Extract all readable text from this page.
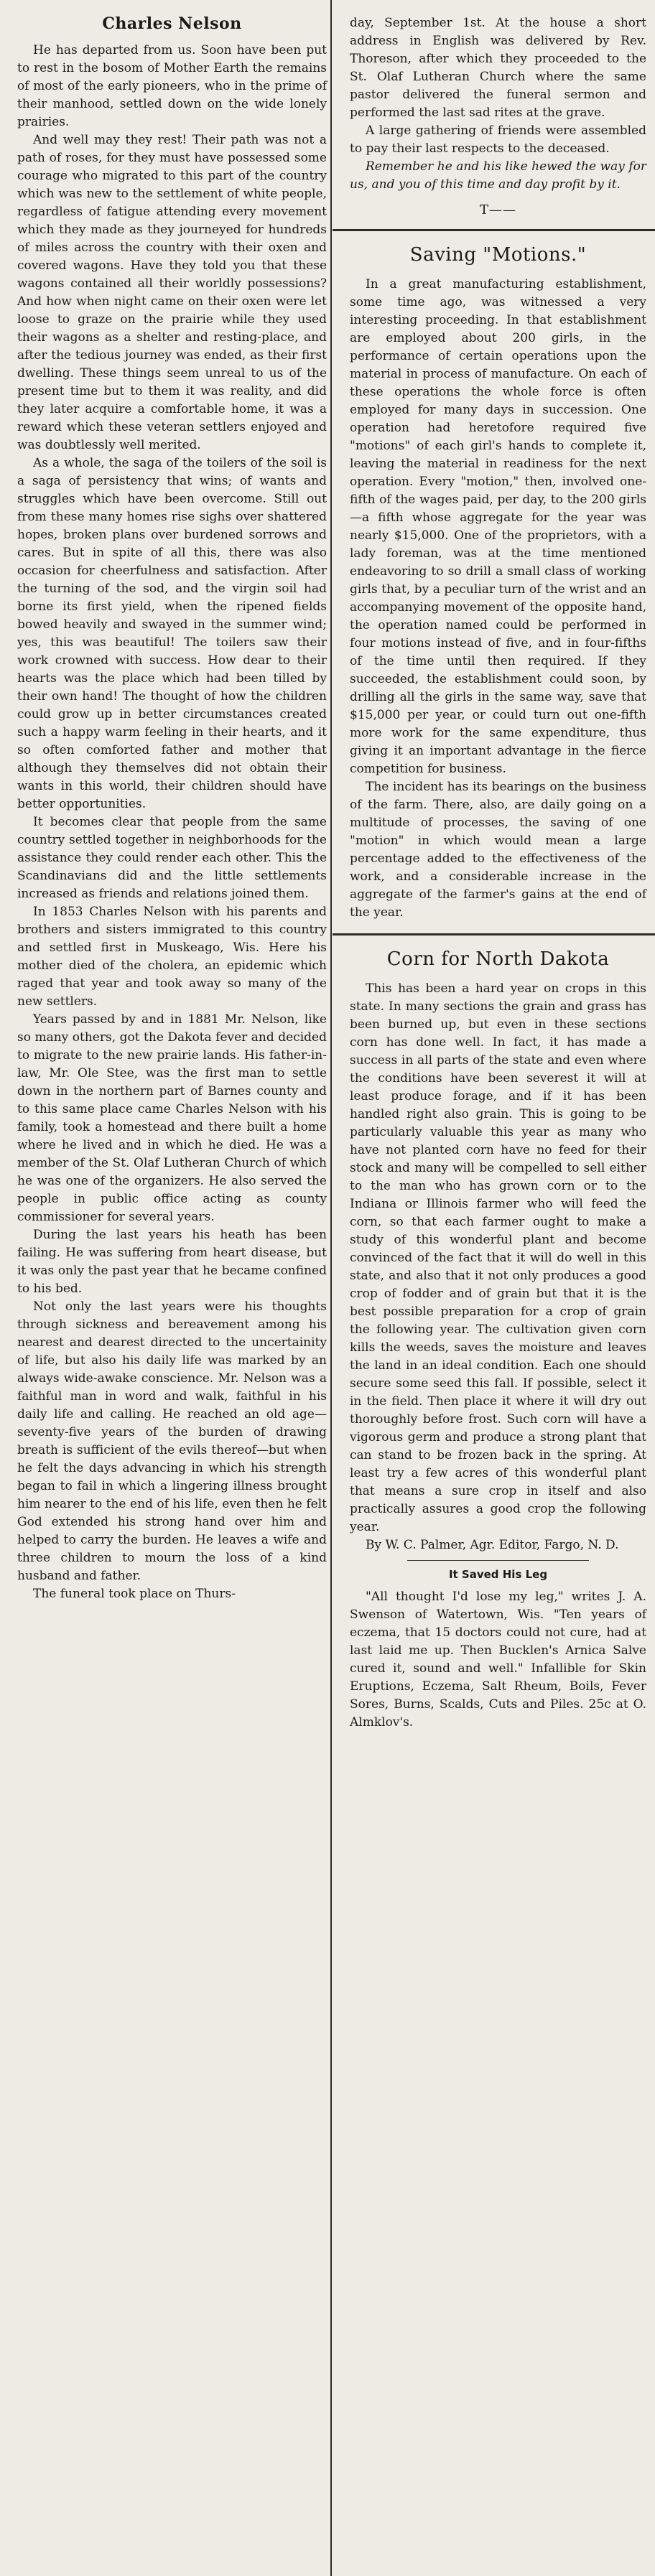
Charles Nelson

He has departed from us. Soon have been put to rest in the bosom of Mother Earth the remains of most of the early pioneers, who in the prime of their manhood, settled down on the wide lonely prairies.

And well may they rest! Their path was not a path of roses, for they must have possessed some courage who migrated to this part of the country which was new to the settlement of white people, regardless of fatigue attending every movement which they made as they journeyed for hundreds of miles across the country with their oxen and covered wagons. Have they told you that these wagons contained all their worldly possessions? And how when night came on their oxen were let loose to graze on the prairie while they used their wagons as a shelter and resting-place, and after the tedious journey was ended, as their first dwelling. These things seem unreal to us of the present time but to them it was reality, and did they later acquire a comfortable home, it was a reward which these veteran settlers enjoyed and was doubtlessly well merited.

As a whole, the saga of the toilers of the soil is a saga of persistency that wins; of wants and struggles which have been overcome. Still out from these many homes rise sighs over shattered hopes, broken plans over burdened sorrows and cares. But in spite of all this, there was also occasion for cheerfulness and satisfaction. After the turning of the sod, and the virgin soil had borne its first yield, when the ripened fields bowed heavily and swayed in the summer wind; yes, this was beautiful! The toilers saw their work crowned with success. How dear to their hearts was the place which had been tilled by their own hand! The thought of how the children could grow up in better circumstances created such a happy warm feeling in their hearts, and it so often comforted father and mother that although they themselves did not obtain their wants in this world, their children should have better opportunities.

It becomes clear that people from the same country settled together in neighborhoods for the assistance they could render each other. This the Scandinavians did and the little settlements increased as friends and relations joined them.

In 1853 Charles Nelson with his parents and brothers and sisters immigrated to this country and settled first in Muskeago, Wis. Here his mother died of the cholera, an epidemic which raged that year and took away so many of the new settlers.

Years passed by and in 1881 Mr. Nelson, like so many others, got the Dakota fever and decided to migrate to the new prairie lands. His father-in-law, Mr. Ole Stee, was the first man to settle down in the northern part of Barnes county and to this same place came Charles Nelson with his family, took a homestead and there built a home where he lived and in which he died. He was a member of the St. Olaf Lutheran Church of which he was one of the organizers. He also served the people in public office acting as county commissioner for several years.

During the last years his heath has been failing. He was suffering from heart disease, but it was only the past year that he became confined to his bed.

Not only the last years were his thoughts through sickness and bereavement among his nearest and dearest directed to the uncertainity of life, but also his daily life was marked by an always wide-awake conscience. Mr. Nelson was a faithful man in word and walk, faithful in his daily life and calling. He reached an old age—seventy-five years of the burden of drawing breath is sufficient of the evils thereof—but when he felt the days advancing in which his strength began to fail in which a lingering illness brought him nearer to the end of his life, even then he felt God extended his strong hand over him and helped to carry the burden. He leaves a wife and three children to mourn the loss of a kind husband and father.

The funeral took place on Thurs-

day, September 1st. At the house a short address in English was delivered by Rev. Thoreson, after which they proceeded to the St. Olaf Lutheran Church where the same pastor delivered the funeral sermon and performed the last sad rites at the grave.

A large gathering of friends were assembled to pay their last respects to the deceased.

Remember he and his like hewed the way for us, and you of this time and day profit by it.

T——
Saving "Motions."

In a great manufacturing establishment, some time ago, was witnessed a very interesting proceeding. In that establishment are employed about 200 girls, in the performance of certain operations upon the material in process of manufacture. On each of these operations the whole force is often employed for many days in succession. One operation had heretofore required five "motions" of each girl's hands to complete it, leaving the material in readiness for the next operation. Every "motion," then, involved one-fifth of the wages paid, per day, to the 200 girls—a fifth whose aggregate for the year was nearly $15,000. One of the proprietors, with a lady foreman, was at the time mentioned endeavoring to so drill a small class of working girls that, by a peculiar turn of the wrist and an accompanying movement of the opposite hand, the operation named could be performed in four motions instead of five, and in four-fifths of the time until then required. If they succeeded, the establishment could soon, by drilling all the girls in the same way, save that $15,000 per year, or could turn out one-fifth more work for the same expenditure, thus giving it an important advantage in the fierce competition for business.

The incident has its bearings on the business of the farm. There, also, are daily going on a multitude of processes, the saving of one "motion" in which would mean a large percentage added to the effectiveness of the work, and a considerable increase in the aggregate of the farmer's gains at the end of the year.

Corn for North Dakota

This has been a hard year on crops in this state. In many sections the grain and grass has been burned up, but even in these sections corn has done well. In fact, it has made a success in all parts of the state and even where the conditions have been severest it will at least produce forage, and if it has been handled right also grain. This is going to be particularly valuable this year as many who have not planted corn have no feed for their stock and many will be compelled to sell either to the man who has grown corn or to the Indiana or Illinois farmer who will feed the corn, so that each farmer ought to make a study of this wonderful plant and become convinced of the fact that it will do well in this state, and also that it not only produces a good crop of fodder and of grain but that it is the best possible preparation for a crop of grain the following year. The cultivation given corn kills the weeds, saves the moisture and leaves the land in an ideal condition. Each one should secure some seed this fall. If possible, select it in the field. Then place it where it will dry out thoroughly before frost. Such corn will have a vigorous germ and produce a strong plant that can stand to be frozen back in the spring. At least try a few acres of this wonderful plant that means a sure crop in itself and also practically assures a good crop the following year.

By W. C. Palmer, Agr. Editor, Fargo, N. D.

It Saved His Leg

"All thought I'd lose my leg," writes J. A. Swenson of Watertown, Wis. "Ten years of eczema, that 15 doctors could not cure, had at last laid me up. Then Bucklen's Arnica Salve cured it, sound and well." Infallible for Skin Eruptions, Eczema, Salt Rheum, Boils, Fever Sores, Burns, Scalds, Cuts and Piles. 25c at O. Almklov's.
